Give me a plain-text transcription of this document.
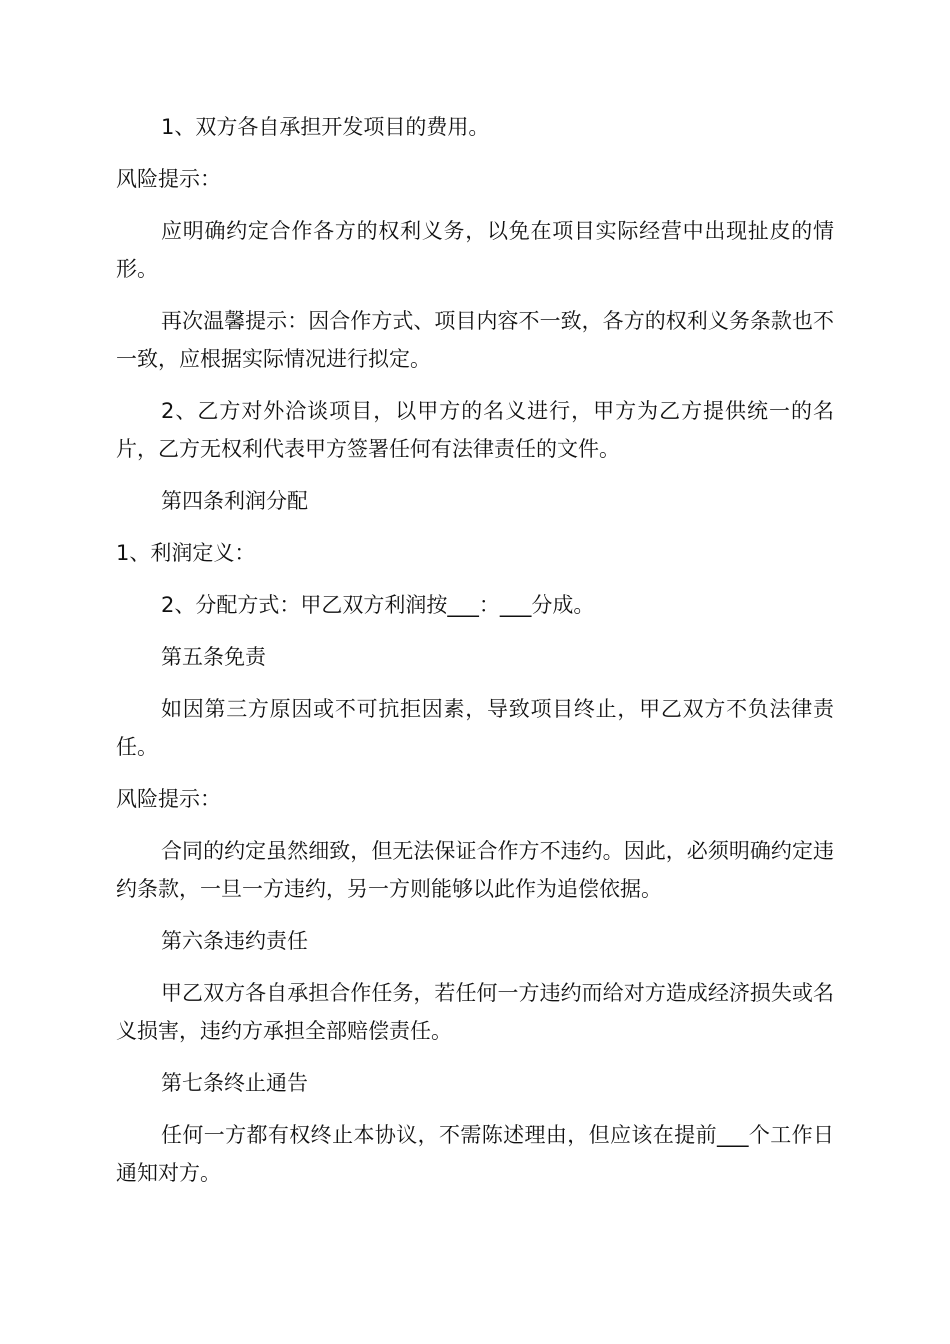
1、双方各自承担开发项目的费用。

风险提示：

应明确约定合作各方的权利义务，以免在项目实际经营中出现扯皮的情形。

再次温馨提示：因合作方式、项目内容不一致，各方的权利义务条款也不一致，应根据实际情况进行拟定。

2、乙方对外洽谈项目，以甲方的名义进行，甲方为乙方提供统一的名片，乙方无权利代表甲方签署任何有法律责任的文件。

第四条利润分配

1、利润定义：

2、分配方式：甲乙双方利润按___：___分成。

第五条免责

如因第三方原因或不可抗拒因素，导致项目终止，甲乙双方不负法律责任。

风险提示：

合同的约定虽然细致，但无法保证合作方不违约。因此，必须明确约定违约条款，一旦一方违约，另一方则能够以此作为追偿依据。

第六条违约责任

甲乙双方各自承担合作任务，若任何一方违约而给对方造成经济损失或名义损害，违约方承担全部赔偿责任。

第七条终止通告

任何一方都有权终止本协议，不需陈述理由，但应该在提前___个工作日通知对方。
